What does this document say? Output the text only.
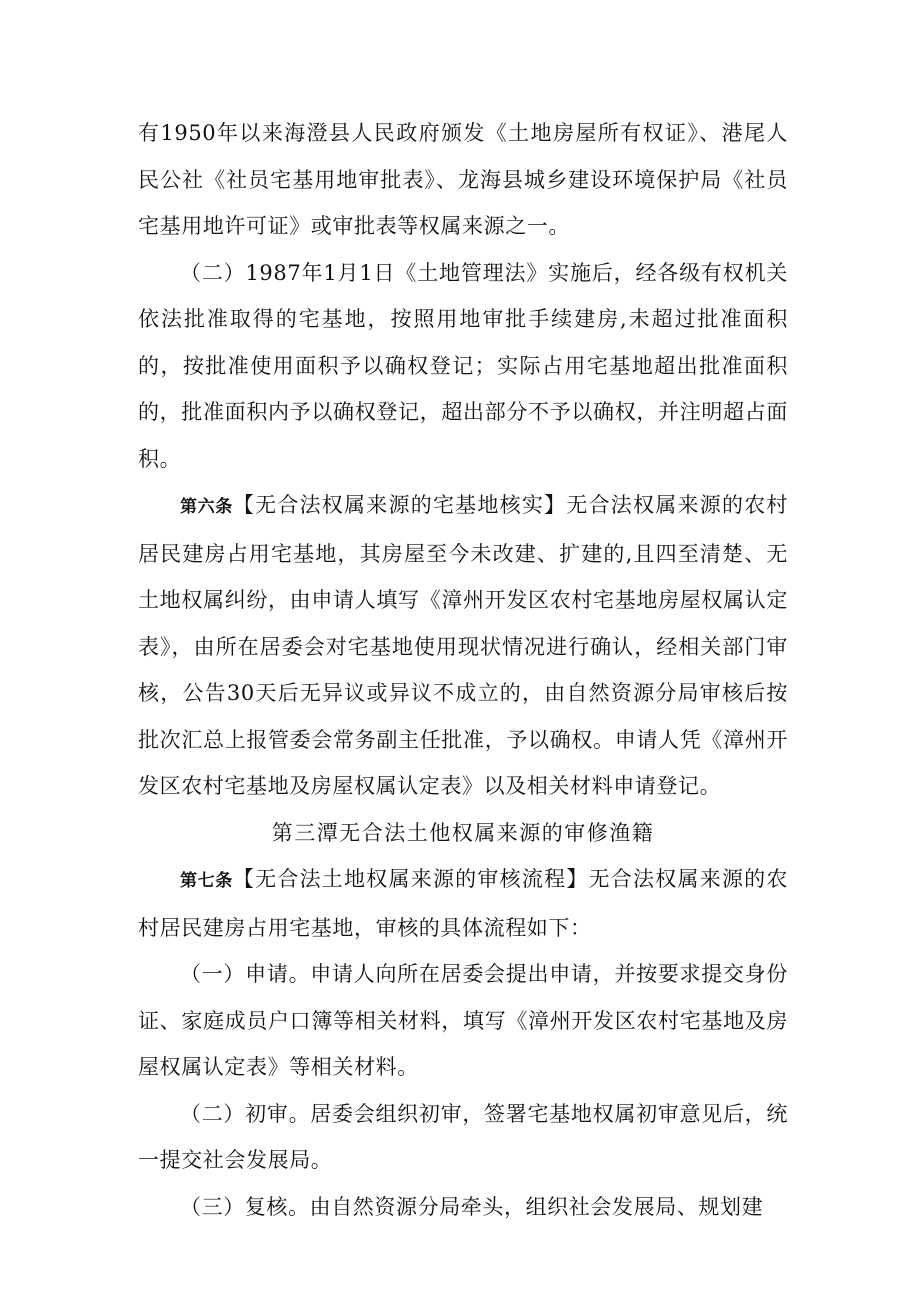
有1950年以来海澄县人民政府颁发《土地房屋所有权证》、港尾人民公社《社员宅基用地审批表》、龙海县城乡建设环境保护局《社员宅基用地许可证》或审批表等权属来源之一。

（二）1987年1月1日《土地管理法》实施后，经各级有权机关依法批准取得的宅基地，按照用地审批手续建房,未超过批准面积的，按批准使用面积予以确权登记；实际占用宅基地超出批准面积的，批准面积内予以确权登记，超出部分不予以确权，并注明超占面积。

第六条【无合法权属来源的宅基地核实】无合法权属来源的农村居民建房占用宅基地，其房屋至今未改建、扩建的,且四至清楚、无土地权属纠纷，由申请人填写《漳州开发区农村宅基地房屋权属认定表》，由所在居委会对宅基地使用现状情况进行确认，经相关部门审核，公告30天后无异议或异议不成立的，由自然资源分局审核后按批次汇总上报管委会常务副主任批准，予以确权。申请人凭《漳州开发区农村宅基地及房屋权属认定表》以及相关材料申请登记。

第三潭无合法土他权属来源的审修渔籍

第七条【无合法土地权属来源的审核流程】无合法权属来源的农村居民建房占用宅基地，审核的具体流程如下：

（一）申请。申请人向所在居委会提出申请，并按要求提交身份证、家庭成员户口簿等相关材料，填写《漳州开发区农村宅基地及房屋权属认定表》等相关材料。

（二）初审。居委会组织初审，签署宅基地权属初审意见后，统一提交社会发展局。

（三）复核。由自然资源分局牵头，组织社会发展局、规划建
